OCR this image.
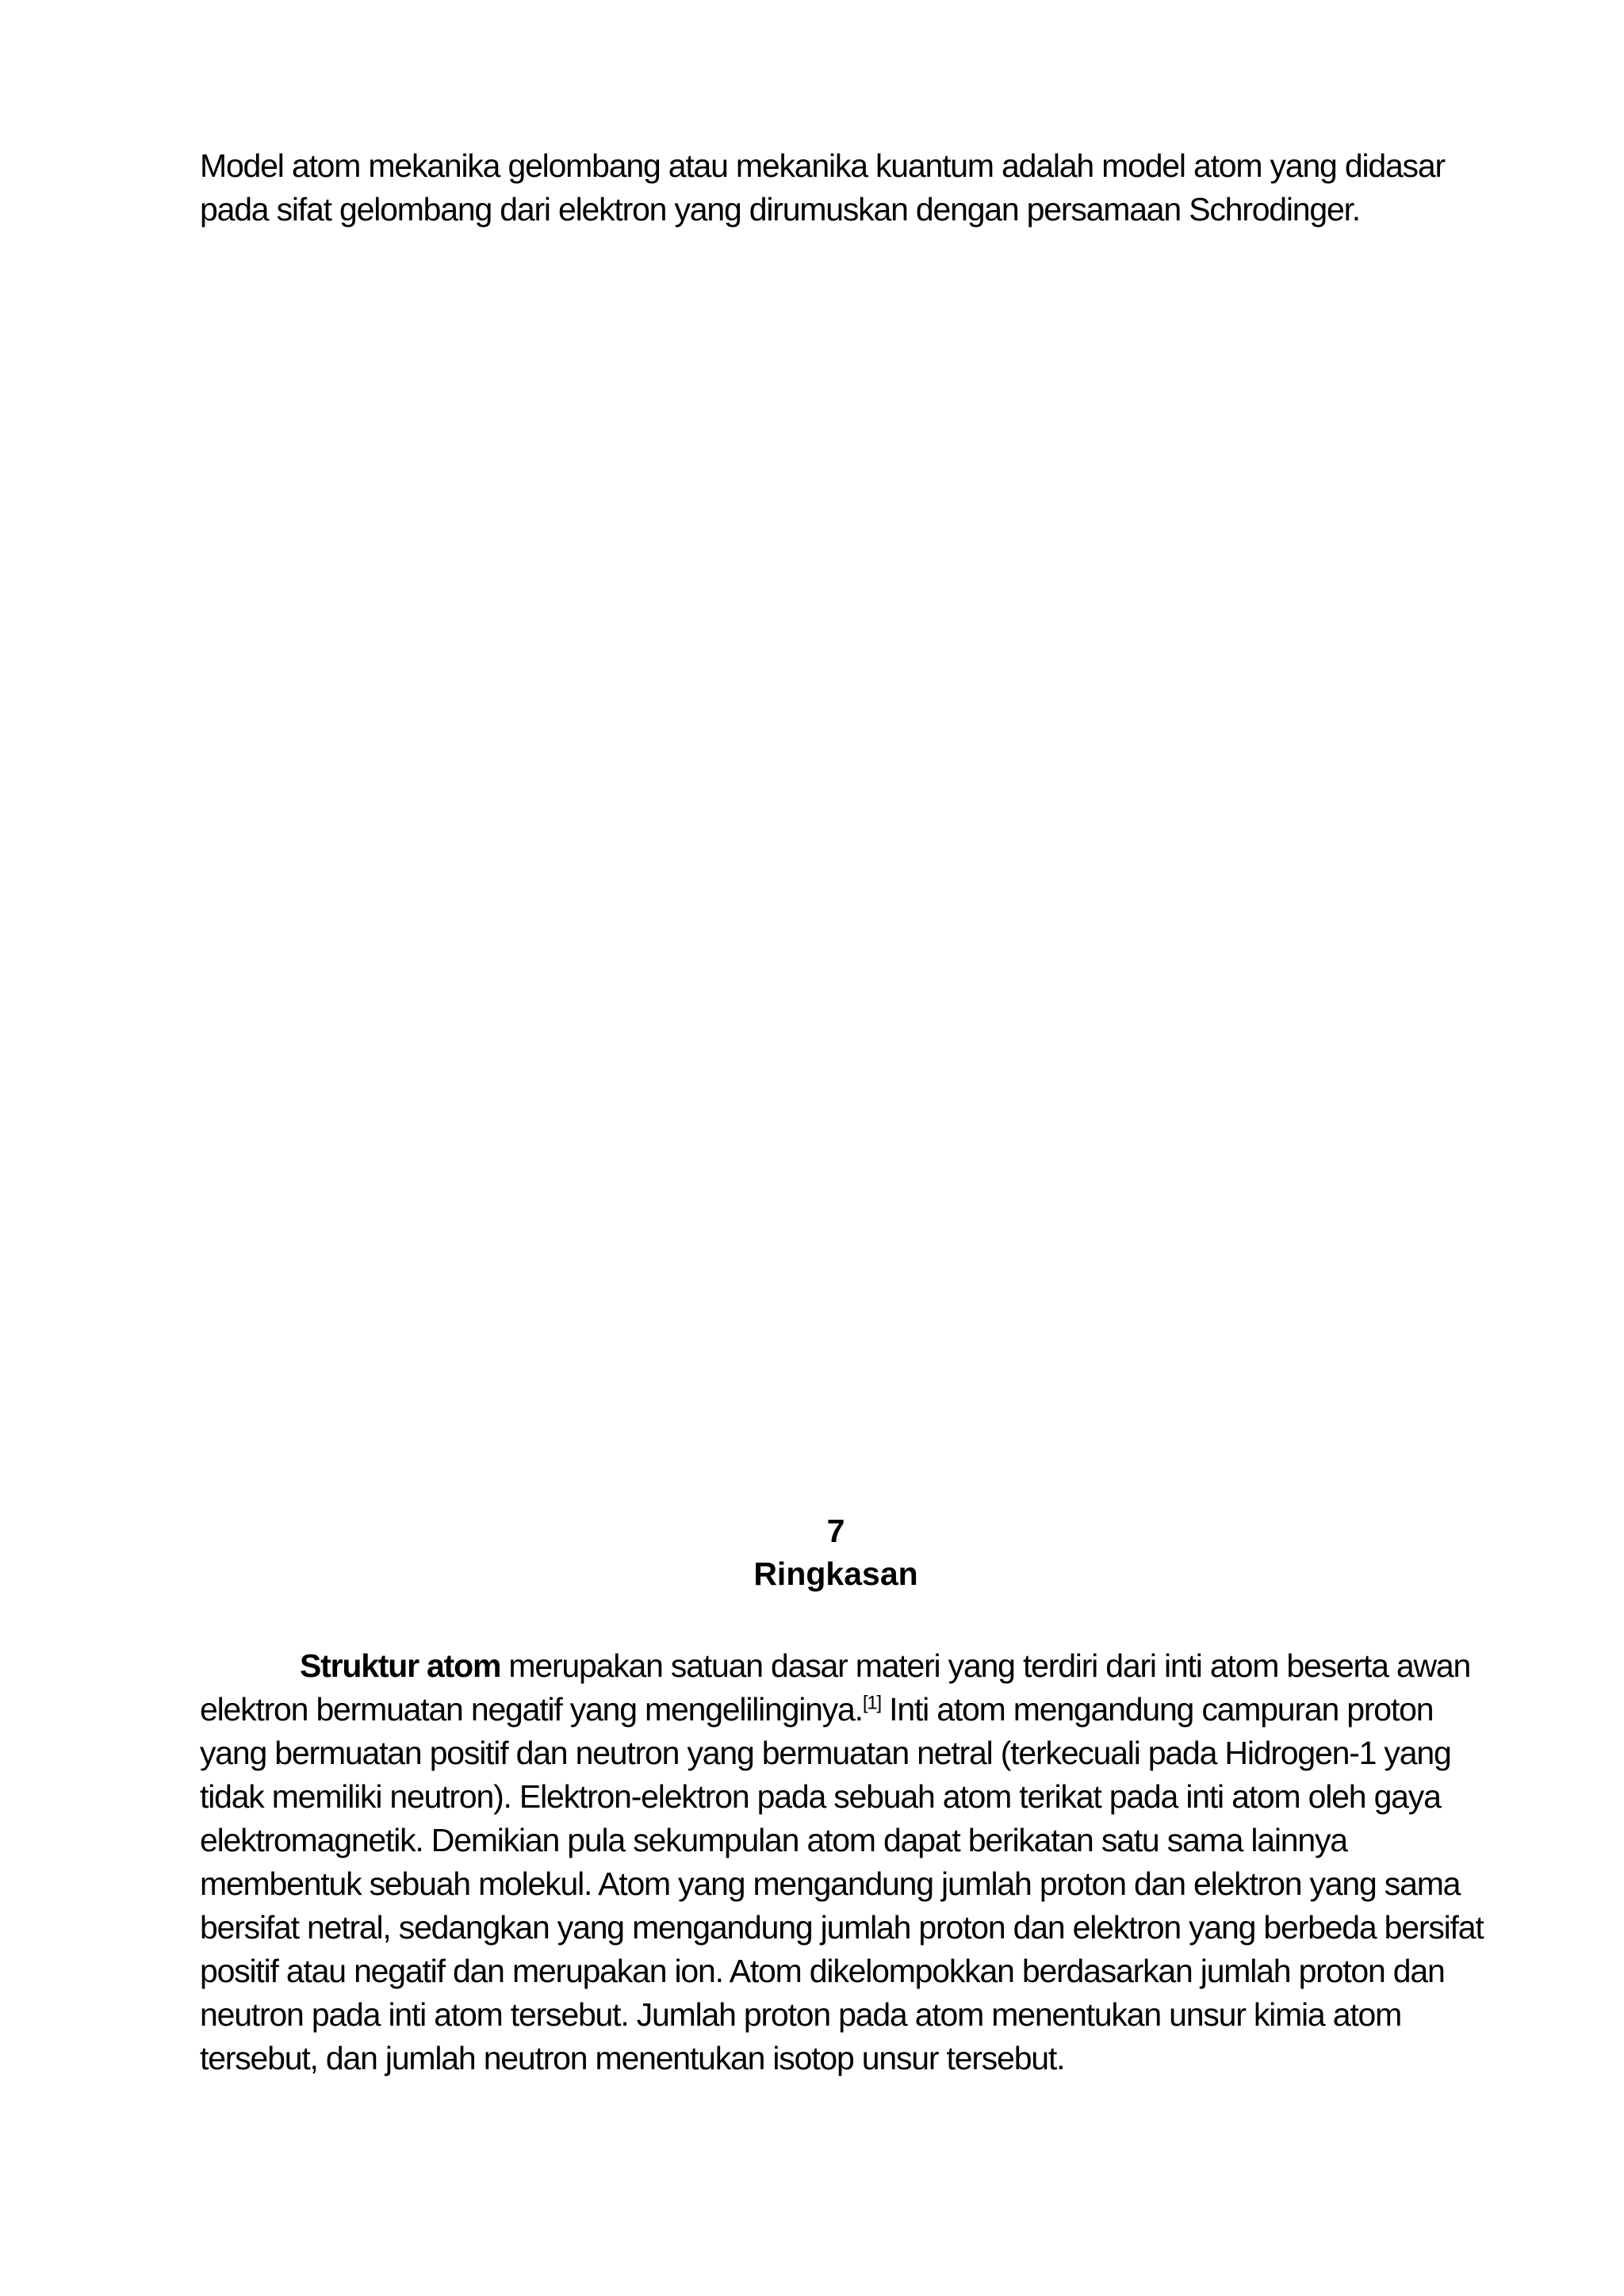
Model atom mekanika gelombang atau mekanika kuantum adalah model atom yang didasar pada sifat gelombang dari elektron yang dirumuskan dengan persamaan Schrodinger.

7
Ringkasan

Struktur atom merupakan satuan dasar materi yang terdiri dari inti atom beserta awan elektron bermuatan negatif yang mengelilinginya.[1] Inti atom mengandung campuran proton yang bermuatan positif dan neutron yang bermuatan netral (terkecuali pada Hidrogen-1 yang tidak memiliki neutron). Elektron-elektron pada sebuah atom terikat pada inti atom oleh gaya elektromagnetik. Demikian pula sekumpulan atom dapat berikatan satu sama lainnya membentuk sebuah molekul. Atom yang mengandung jumlah proton dan elektron yang sama bersifat netral, sedangkan yang mengandung jumlah proton dan elektron yang berbeda bersifat positif atau negatif dan merupakan ion. Atom dikelompokkan berdasarkan jumlah proton dan neutron pada inti atom tersebut. Jumlah proton pada atom menentukan unsur kimia atom tersebut, dan jumlah neutron menentukan isotop unsur tersebut.
